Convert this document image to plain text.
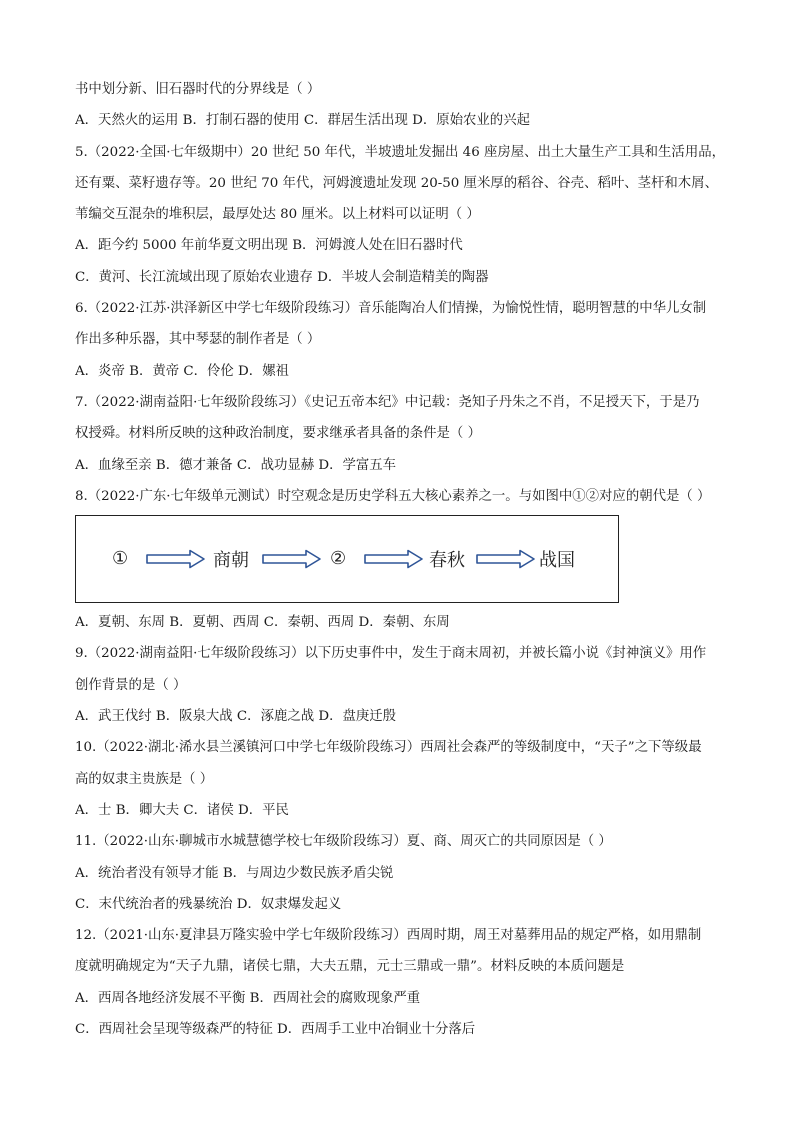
书中划分新、旧石器时代的分界线是（ ）
A．天然火的运用 B．打制石器的使用 C．群居生活出现 D．原始农业的兴起
5.（2022·全国·七年级期中）20 世纪 50 年代，半坡遗址发掘出 46 座房屋、出土大量生产工具和生活用品，
还有粟、菜籽遗存等。20 世纪 70 年代，河姆渡遗址发现 20-50 厘米厚的稻谷、谷壳、稻叶、茎杆和木屑、
苇编交互混杂的堆积层，最厚处达 80 厘米。以上材料可以证明（ ）
A．距今约 5000 年前华夏文明出现 B．河姆渡人处在旧石器时代
C．黄河、长江流域出现了原始农业遗存 D．半坡人会制造精美的陶器
6.（2022·江苏·洪泽新区中学七年级阶段练习）音乐能陶冶人们情操，为愉悦性情，聪明智慧的中华儿女制
作出多种乐器，其中琴瑟的制作者是（ ）
A．炎帝 B．黄帝 C．伶伦 D．嫘祖
7.（2022·湖南益阳·七年级阶段练习）《史记五帝本纪》中记载：尧知子丹朱之不肖，不足授天下，于是乃
权授舜。材料所反映的这种政治制度，要求继承者具备的条件是（ ）
A．血缘至亲 B．德才兼备 C．战功显赫 D．学富五车
8.（2022·广东·七年级单元测试）时空观念是历史学科五大核心素养之一。与如图中①②对应的朝代是（ ）
①	商朝	②	春秋	战国
A．夏朝、东周 B．夏朝、西周 C．秦朝、西周 D．秦朝、东周
9.（2022·湖南益阳·七年级阶段练习）以下历史事件中，发生于商末周初，并被长篇小说《封神演义》用作
创作背景的是（ ）
A．武王伐纣 B．阪泉大战 C．涿鹿之战 D．盘庚迁殷
10.（2022·湖北·浠水县兰溪镇河口中学七年级阶段练习）西周社会森严的等级制度中，“天子”之下等级最
高的奴隶主贵族是（ ）
A．士 B．卿大夫 C．诸侯 D．平民
11.（2022·山东·聊城市水城慧德学校七年级阶段练习）夏、商、周灭亡的共同原因是（ ）
A．统治者没有领导才能 B．与周边少数民族矛盾尖锐
C．末代统治者的残暴统治 D．奴隶爆发起义
12.（2021·山东·夏津县万隆实验中学七年级阶段练习）西周时期，周王对墓葬用品的规定严格，如用鼎制
度就明确规定为“天子九鼎，诸侯七鼎，大夫五鼎，元士三鼎或一鼎”。材料反映的本质问题是
A．西周各地经济发展不平衡 B．西周社会的腐败现象严重
C．西周社会呈现等级森严的特征 D．西周手工业中冶铜业十分落后
